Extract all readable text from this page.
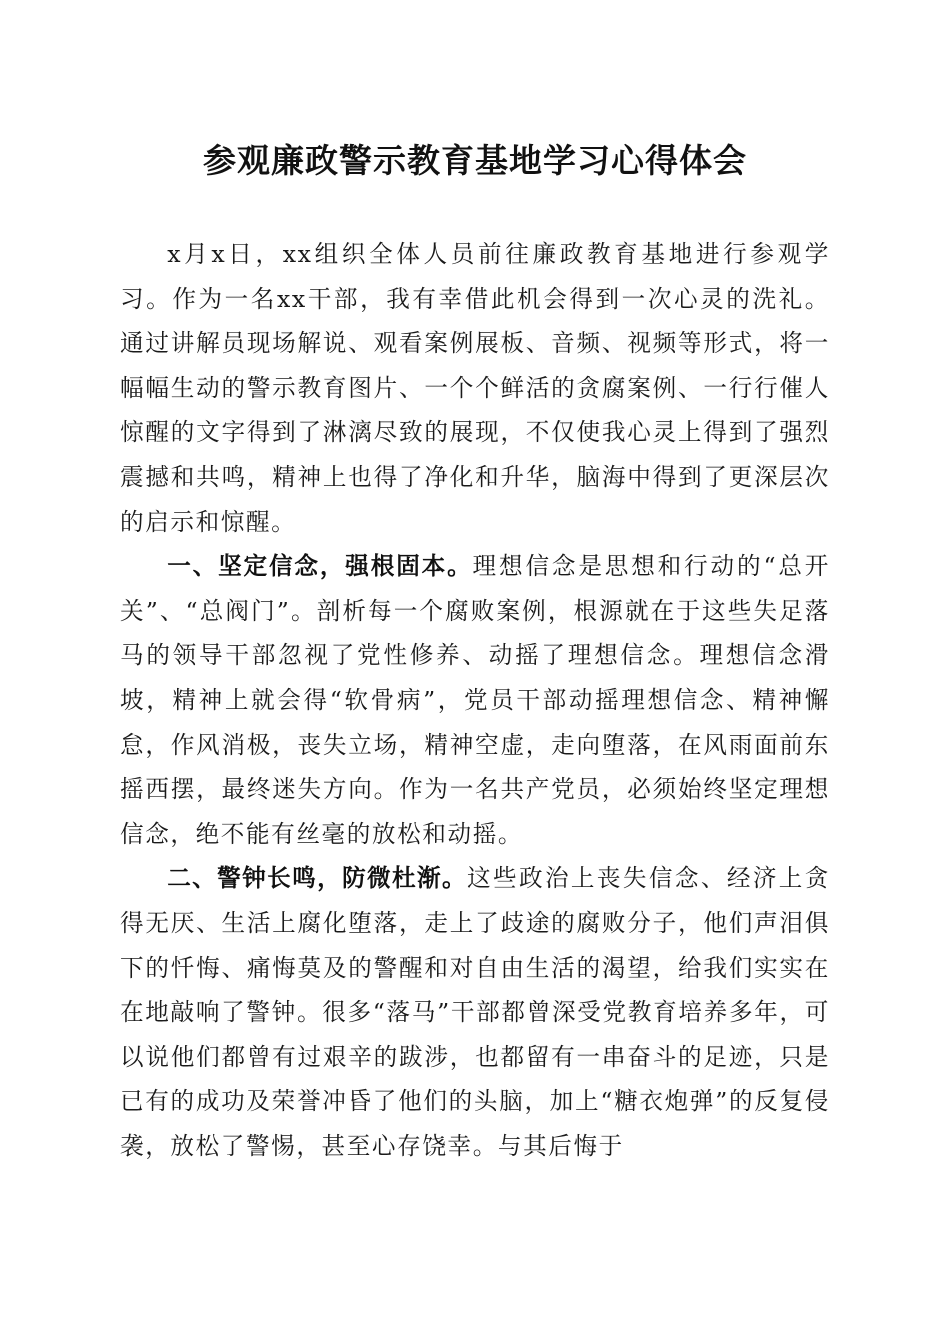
参观廉政警示教育基地学习心得体会

x月x日，xx组织全体人员前往廉政教育基地进行参观学习。作为一名xx干部，我有幸借此机会得到一次心灵的洗礼。通过讲解员现场解说、观看案例展板、音频、视频等形式，将一幅幅生动的警示教育图片、一个个鲜活的贪腐案例、一行行催人惊醒的文字得到了淋漓尽致的展现，不仅使我心灵上得到了强烈震撼和共鸣，精神上也得了净化和升华，脑海中得到了更深层次的启示和惊醒。

一、坚定信念，强根固本。理想信念是思想和行动的“总开关”、“总阀门”。剖析每一个腐败案例，根源就在于这些失足落马的领导干部忽视了党性修养、动摇了理想信念。理想信念滑坡，精神上就会得“软骨病”，党员干部动摇理想信念、精神懈怠，作风消极，丧失立场，精神空虚，走向堕落，在风雨面前东摇西摆，最终迷失方向。作为一名共产党员，必须始终坚定理想信念，绝不能有丝毫的放松和动摇。

二、警钟长鸣，防微杜渐。这些政治上丧失信念、经济上贪得无厌、生活上腐化堕落，走上了歧途的腐败分子，他们声泪俱下的忏悔、痛悔莫及的警醒和对自由生活的渴望，给我们实实在在地敲响了警钟。很多“落马”干部都曾深受党教育培养多年，可以说他们都曾有过艰辛的跋涉，也都留有一串奋斗的足迹，只是已有的成功及荣誉冲昏了他们的头脑，加上“糖衣炮弹”的反复侵袭，放松了警惕，甚至心存饶幸。与其后悔于
